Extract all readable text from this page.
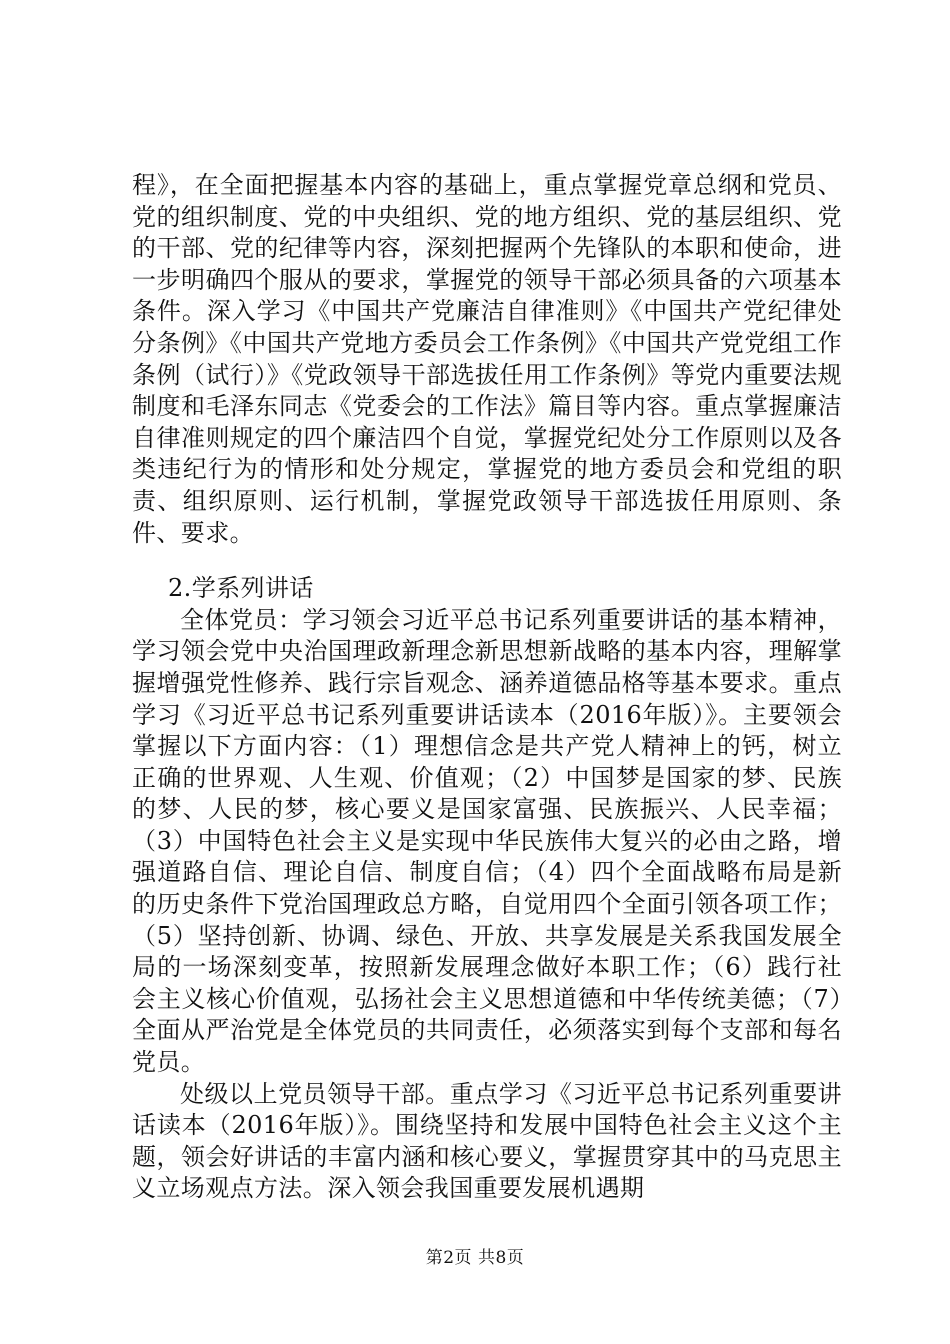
程》，在全面把握基本内容的基础上，重点掌握党章总纲和党员、党的组织制度、党的中央组织、党的地方组织、党的基层组织、党的干部、党的纪律等内容，深刻把握两个先锋队的本职和使命，进一步明确四个服从的要求，掌握党的领导干部必须具备的六项基本条件。深入学习《中国共产党廉洁自律准则》《中国共产党纪律处分条例》《中国共产党地方委员会工作条例》《中国共产党党组工作条例（试行）》《党政领导干部选拔任用工作条例》等党内重要法规制度和毛泽东同志《党委会的工作法》篇目等内容。重点掌握廉洁自律准则规定的四个廉洁四个自觉，掌握党纪处分工作原则以及各类违纪行为的情形和处分规定，掌握党的地方委员会和党组的职责、组织原则、运行机制，掌握党政领导干部选拔任用原则、条件、要求。

2.学系列讲话

全体党员：学习领会习近平总书记系列重要讲话的基本精神，学习领会党中央治国理政新理念新思想新战略的基本内容，理解掌握增强党性修养、践行宗旨观念、涵养道德品格等基本要求。重点学习《习近平总书记系列重要讲话读本（2016年版）》。主要领会掌握以下方面内容：（1）理想信念是共产党人精神上的钙，树立正确的世界观、人生观、价值观；（2）中国梦是国家的梦、民族的梦、人民的梦，核心要义是国家富强、民族振兴、人民幸福；（3）中国特色社会主义是实现中华民族伟大复兴的必由之路，增强道路自信、理论自信、制度自信；（4）四个全面战略布局是新的历史条件下党治国理政总方略，自觉用四个全面引领各项工作；（5）坚持创新、协调、绿色、开放、共享发展是关系我国发展全局的一场深刻变革，按照新发展理念做好本职工作；（6）践行社会主义核心价值观，弘扬社会主义思想道德和中华传统美德；（7）全面从严治党是全体党员的共同责任，必须落实到每个支部和每名党员。

处级以上党员领导干部。重点学习《习近平总书记系列重要讲话读本（2016年版）》。围绕坚持和发展中国特色社会主义这个主题，领会好讲话的丰富内涵和核心要义，掌握贯穿其中的马克思主义立场观点方法。深入领会我国重要发展机遇期

第2页 共8页
